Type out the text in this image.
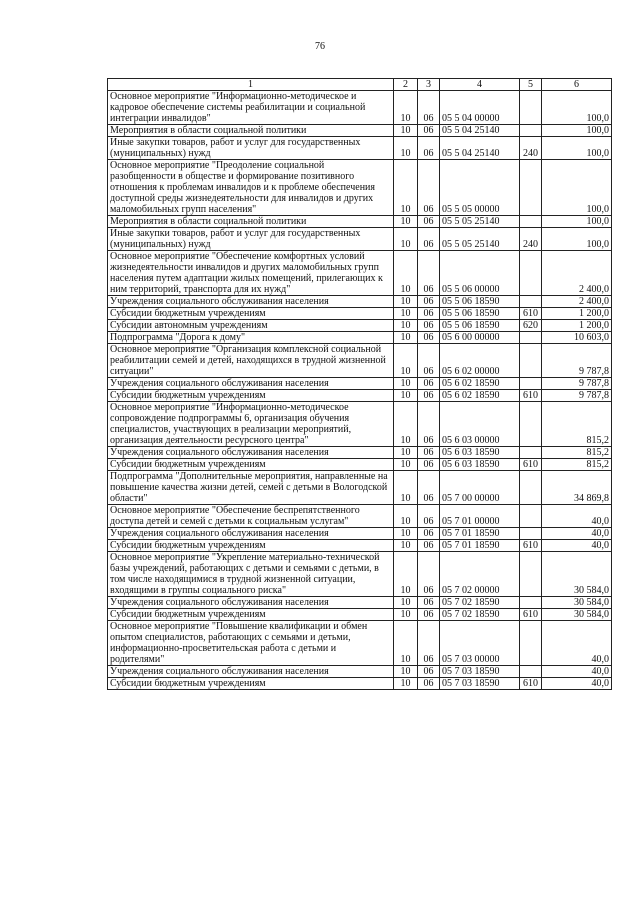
76
1	2	3	4	5	6
Основное мероприятие "Информационно-методическое и кадровое обеспечение системы реабилитации и социальной интеграции инвалидов"	10	06	05 5 04 00000		100,0
Мероприятия в области социальной политики	10	06	05 5 04 25140		100,0
Иные закупки товаров, работ и услуг для государственных (муниципальных) нужд	10	06	05 5 04 25140	240	100,0
Основное мероприятие "Преодоление социальной разобщенности в обществе и формирование позитивного отношения к проблемам инвалидов и к проблеме обеспечения доступной среды жизнедеятельности для инвалидов и других маломобильных групп населения"	10	06	05 5 05 00000		100,0
Мероприятия в области социальной политики	10	06	05 5 05 25140		100,0
Иные закупки товаров, работ и услуг для государственных (муниципальных) нужд	10	06	05 5 05 25140	240	100,0
Основное мероприятие "Обеспечение комфортных условий жизнедеятельности инвалидов и других маломобильных групп населения путем адаптации жилых помещений, прилегающих к ним территорий, транспорта для их нужд"	10	06	05 5 06 00000		2 400,0
Учреждения социального обслуживания населения	10	06	05 5 06 18590		2 400,0
Субсидии бюджетным учреждениям	10	06	05 5 06 18590	610	1 200,0
Субсидии автономным учреждениям	10	06	05 5 06 18590	620	1 200,0
Подпрограмма "Дорога к дому"	10	06	05 6 00 00000		10 603,0
Основное мероприятие "Организация комплексной социальной реабилитации семей и детей, находящихся в трудной жизненной ситуации"	10	06	05 6 02 00000		9 787,8
Учреждения социального обслуживания населения	10	06	05 6 02 18590		9 787,8
Субсидии бюджетным учреждениям	10	06	05 6 02 18590	610	9 787,8
Основное мероприятие "Информационно-методическое сопровождение подпрограммы 6, организация обучения специалистов, участвующих в реализации мероприятий, организация деятельности ресурсного центра"	10	06	05 6 03 00000		815,2
Учреждения социального обслуживания населения	10	06	05 6 03 18590		815,2
Субсидии бюджетным учреждениям	10	06	05 6 03 18590	610	815,2
Подпрограмма "Дополнительные мероприятия, направленные на повышение качества жизни детей, семей с детьми в Вологодской области"	10	06	05 7 00 00000		34 869,8
Основное мероприятие "Обеспечение беспрепятственного доступа детей и семей с детьми к социальным услугам"	10	06	05 7 01 00000		40,0
Учреждения социального обслуживания населения	10	06	05 7 01 18590		40,0
Субсидии бюджетным учреждениям	10	06	05 7 01 18590	610	40,0
Основное мероприятие "Укрепление материально-технической базы учреждений, работающих с детьми и семьями с детьми, в том числе находящимися в трудной жизненной ситуации, входящими в группы социального риска"	10	06	05 7 02 00000		30 584,0
Учреждения социального обслуживания населения	10	06	05 7 02 18590		30 584,0
Субсидии бюджетным учреждениям	10	06	05 7 02 18590	610	30 584,0
Основное мероприятие "Повышение квалификации и обмен опытом специалистов, работающих с семьями и детьми, информационно-просветительская работа с детьми и родителями"	10	06	05 7 03 00000		40,0
Учреждения социального обслуживания населения	10	06	05 7 03 18590		40,0
Субсидии бюджетным учреждениям	10	06	05 7 03 18590	610	40,0
